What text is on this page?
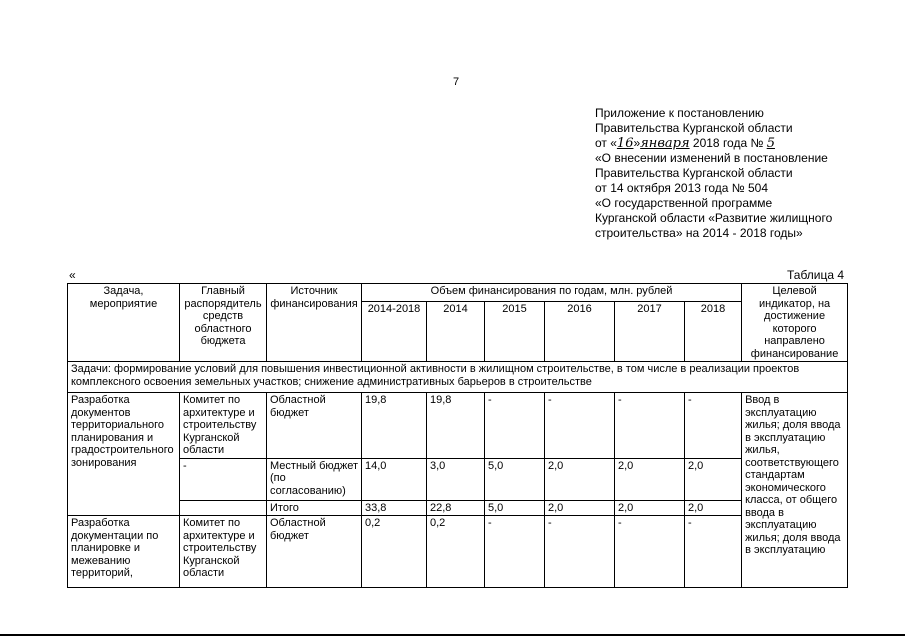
7
Приложение к постановлению
Правительства Курганской области
от «16»января 2018 года № 5
«О внесении изменений в постановление
Правительства Курганской области
от 14 октября 2013 года № 504
«О государственной программе
Курганской области «Развитие жилищного
строительства» на 2014 - 2018 годы»
«	Таблица 4
Задача, мероприятие	Главный распорядитель средств областного бюджета	Источник финансирования	Объем финансирования по годам, млн. рублей						Целевой индикатор, на достижение которого направлено финансирование
			2014-2018	2014	2015	2016	2017	2018	
Задачи: формирование условий для повышения инвестиционной активности в жилищном строительстве, в том числе в реализации проектов комплексного освоения земельных участков; снижение административных барьеров в строительстве									
Разработка документов территориального планирования и градостроительного зонирования	Комитет по архитектуре и строительству Курганской области	Областной бюджет	19,8	19,8	-	-	-	-	Ввод в эксплуатацию жилья; доля ввода в эксплуатацию жилья, соответствующего стандартам экономического класса, от общего ввода в эксплуатацию жилья; доля ввода в эксплуатацию
	-	Местный бюджет (по согласованию)	14,0	3,0	5,0	2,0	2,0	2,0	
		Итого	33,8	22,8	5,0	2,0	2,0	2,0	
Разработка документации по планировке и межеванию территорий,	Комитет по архитектуре и строительству Курганской области	Областной бюджет	0,2	0,2	-	-	-	-	
